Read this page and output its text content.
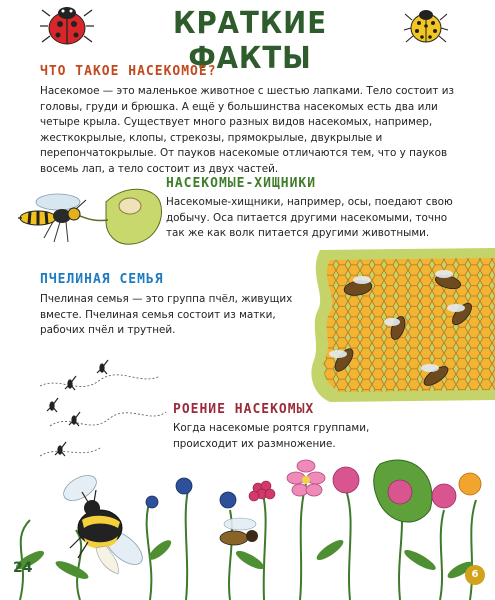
КРАТКИЕ ФАКТЫ
ЧТО ТАКОЕ НАСЕКОМОЕ?
Насекомое — это маленькое животное с шестью лапками. Тело состоит из головы, груди и брюшка. А ещё у большинства насекомых есть два или четыре крыла. Существует много разных видов насекомых, например, жесткокрылые, клопы, стрекозы, прямокрылые, двукрылые и перепончатокрылые. От пауков насекомые отличаются тем, что у пауков восемь лап, а тело состоит из двух частей.
НАСЕКОМЫЕ-ХИЩНИКИ
Насекомые-хищники, например, осы, поедают свою добычу. Оса питается другими насекомыми, точно так же как волк питается другими животными.
ПЧЕЛИНАЯ СЕМЬЯ
Пчелиная семья — это группа пчёл, живущих вместе. Пчелиная семья состоит из матки, рабочих пчёл и трутней.
РОЕНИЕ НАСЕКОМЫХ
Когда насекомые роятся группами, происходит их размножение.
24	6
